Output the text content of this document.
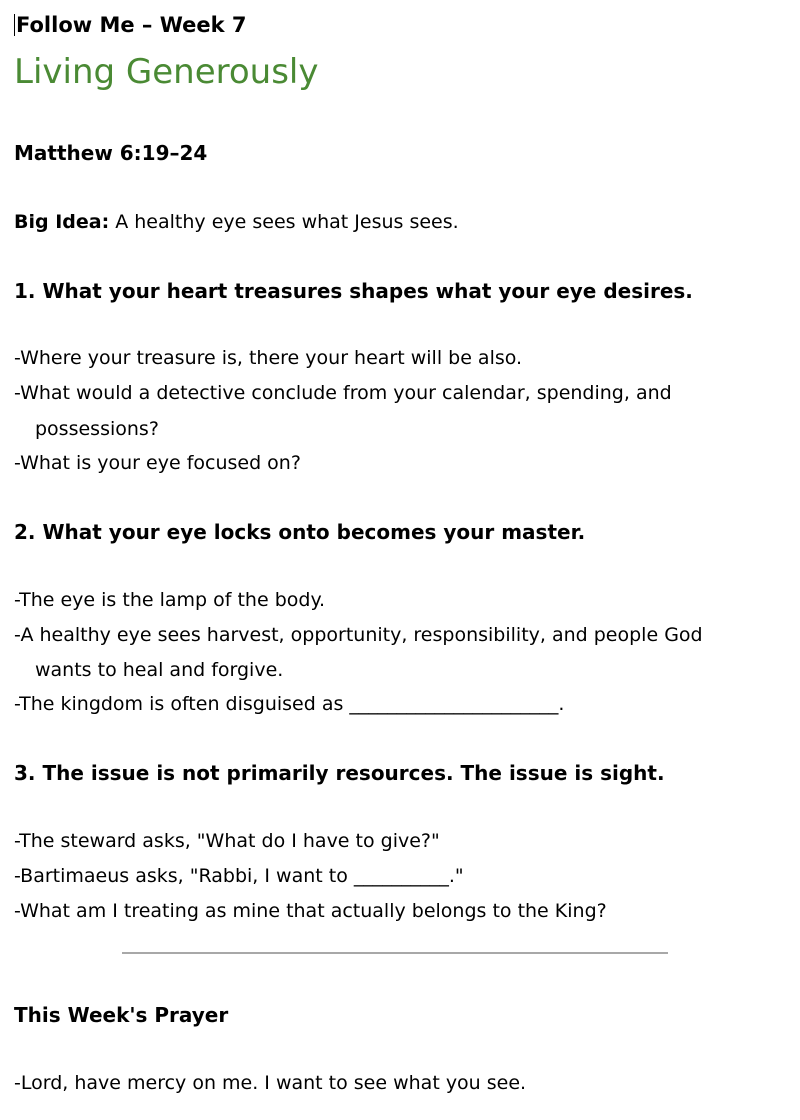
Follow Me – Week 7
Living Generously
Matthew 6:19–24
Big Idea: A healthy eye sees what Jesus sees.
1. What your heart treasures shapes what your eye desires.
-Where your treasure is, there your heart will be also.
-What would a detective conclude from your calendar, spending, and
possessions?
-What is your eye focused on?
2. What your eye locks onto becomes your master.
-The eye is the lamp of the body.
-A healthy eye sees harvest, opportunity, responsibility, and people God
wants to heal and forgive.
-The kingdom is often disguised as ______________________.
3. The issue is not primarily resources. The issue is sight.
-The steward asks, "What do I have to give?"
-Bartimaeus asks, "Rabbi, I want to __________."
-What am I treating as mine that actually belongs to the King?
This Week's Prayer
-Lord, have mercy on me. I want to see what you see.
